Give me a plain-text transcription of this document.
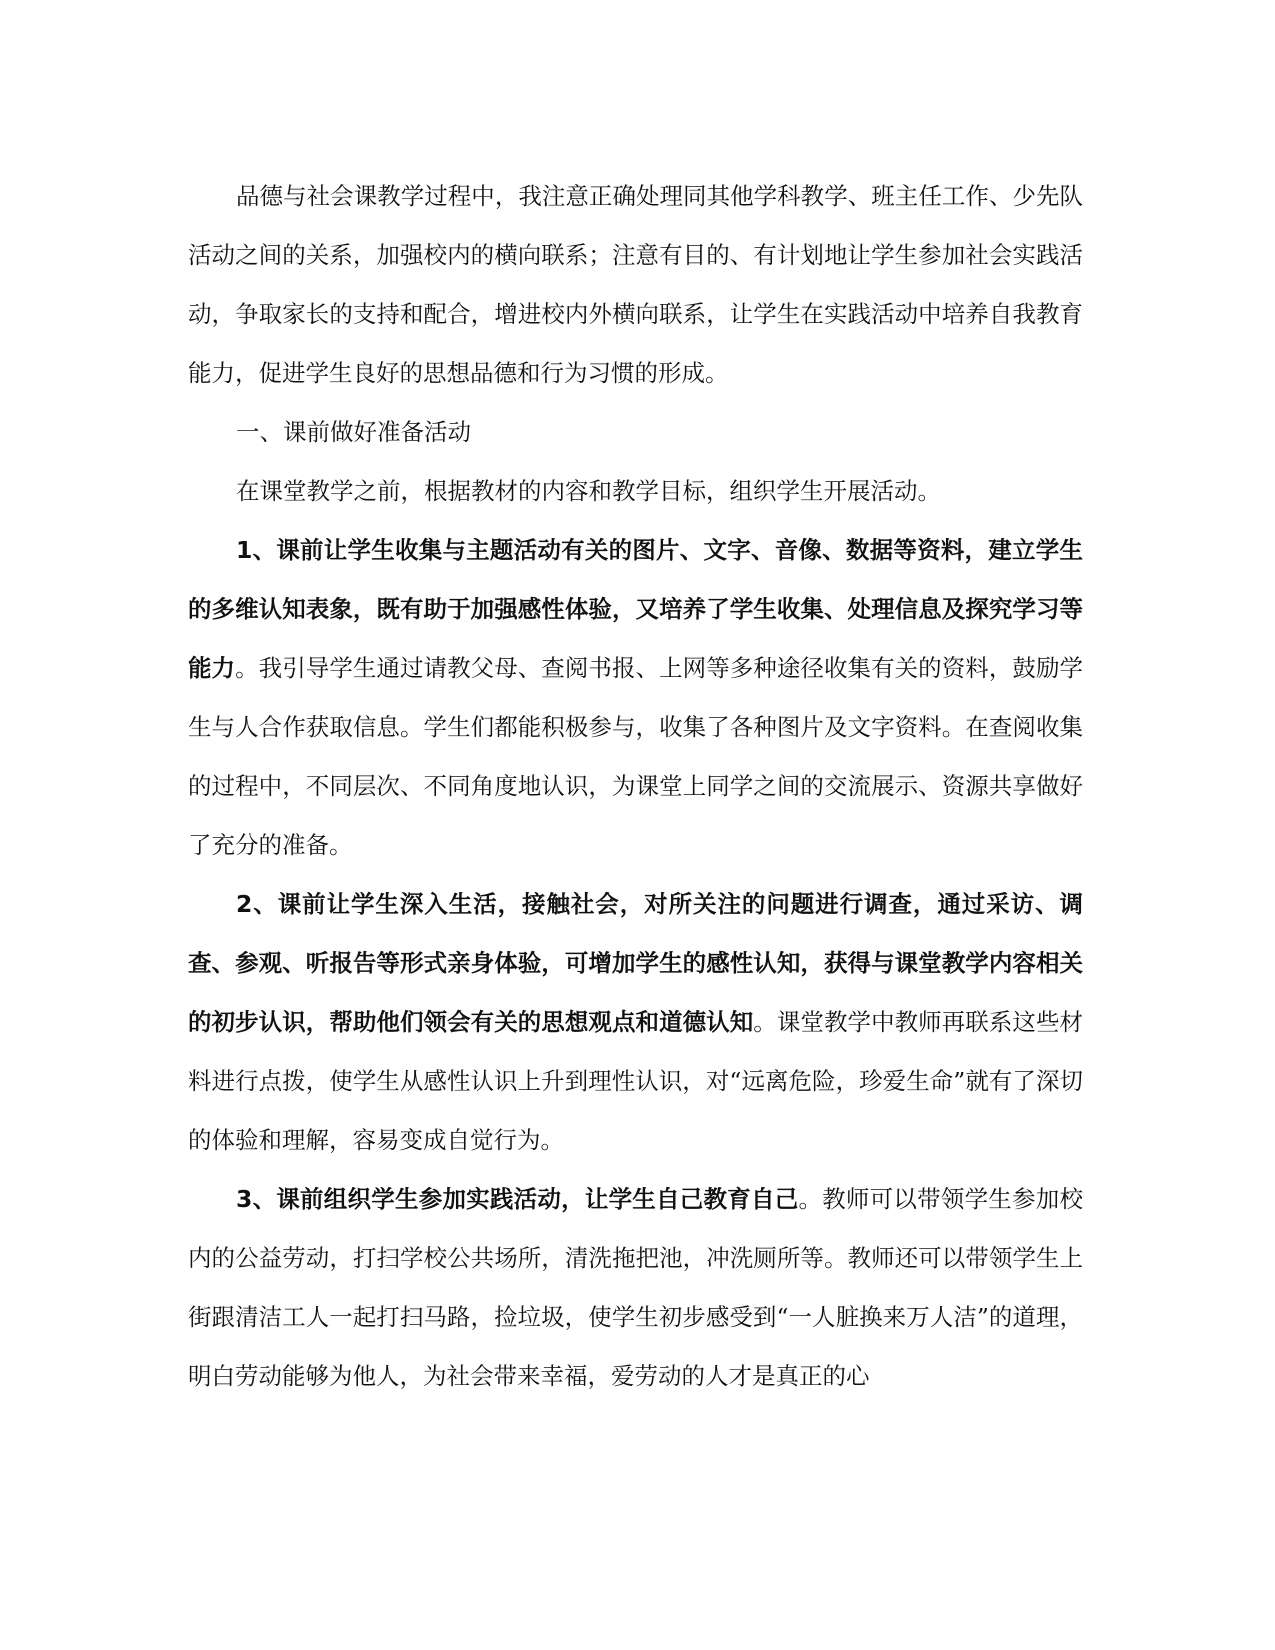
品德与社会课教学过程中，我注意正确处理同其他学科教学、班主任工作、少先队活动之间的关系，加强校内的横向联系；注意有目的、有计划地让学生参加社会实践活动，争取家长的支持和配合，增进校内外横向联系，让学生在实践活动中培养自我教育能力，促进学生良好的思想品德和行为习惯的形成。

一、课前做好准备活动

在课堂教学之前，根据教材的内容和教学目标，组织学生开展活动。

1、课前让学生收集与主题活动有关的图片、文字、音像、数据等资料，建立学生的多维认知表象，既有助于加强感性体验，又培养了学生收集、处理信息及探究学习等能力。我引导学生通过请教父母、查阅书报、上网等多种途径收集有关的资料，鼓励学生与人合作获取信息。学生们都能积极参与，收集了各种图片及文字资料。在查阅收集的过程中，不同层次、不同角度地认识，为课堂上同学之间的交流展示、资源共享做好了充分的准备。

2、课前让学生深入生活，接触社会，对所关注的问题进行调查，通过采访、调查、参观、听报告等形式亲身体验，可增加学生的感性认知，获得与课堂教学内容相关的初步认识，帮助他们领会有关的思想观点和道德认知。课堂教学中教师再联系这些材料进行点拨，使学生从感性认识上升到理性认识，对“远离危险，珍爱生命”就有了深切的体验和理解，容易变成自觉行为。

3、课前组织学生参加实践活动，让学生自己教育自己。教师可以带领学生参加校内的公益劳动，打扫学校公共场所，清洗拖把池，冲洗厕所等。教师还可以带领学生上街跟清洁工人一起打扫马路，捡垃圾，使学生初步感受到“一人脏换来万人洁”的道理，明白劳动能够为他人，为社会带来幸福，爱劳动的人才是真正的心
